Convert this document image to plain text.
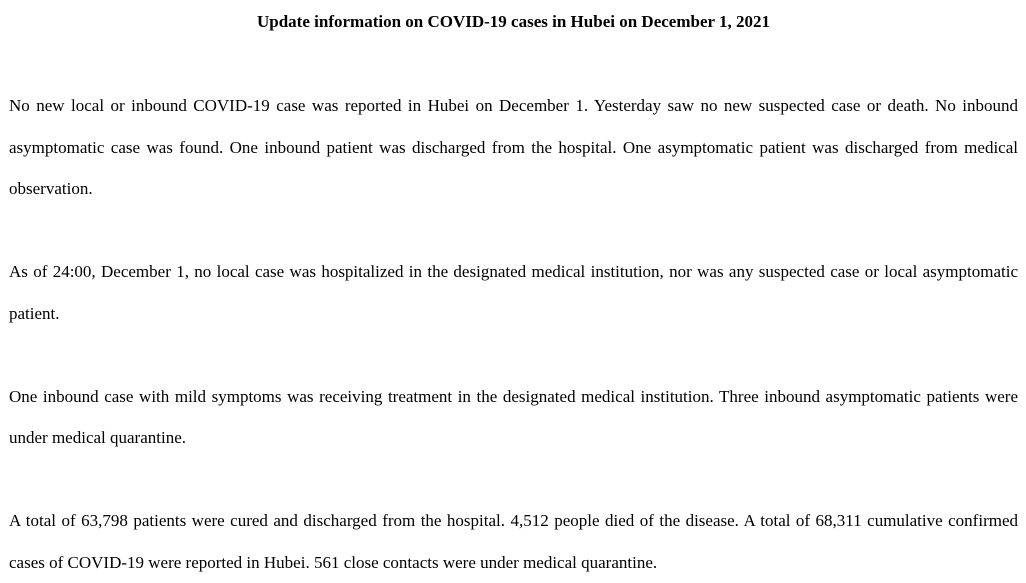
Update information on COVID-19 cases in Hubei on December 1, 2021

No new local or inbound COVID-19 case was reported in Hubei on December 1. Yesterday saw no new suspected case or death. No inbound asymptomatic case was found. One inbound patient was discharged from the hospital. One asymptomatic patient was discharged from medical observation.

As of 24:00, December 1, no local case was hospitalized in the designated medical institution, nor was any suspected case or local asymptomatic patient.

One inbound case with mild symptoms was receiving treatment in the designated medical institution. Three inbound asymptomatic patients were under medical quarantine.

A total of 63,798 patients were cured and discharged from the hospital. 4,512 people died of the disease. A total of 68,311 cumulative confirmed cases of COVID-19 were reported in Hubei. 561 close contacts were under medical quarantine.
